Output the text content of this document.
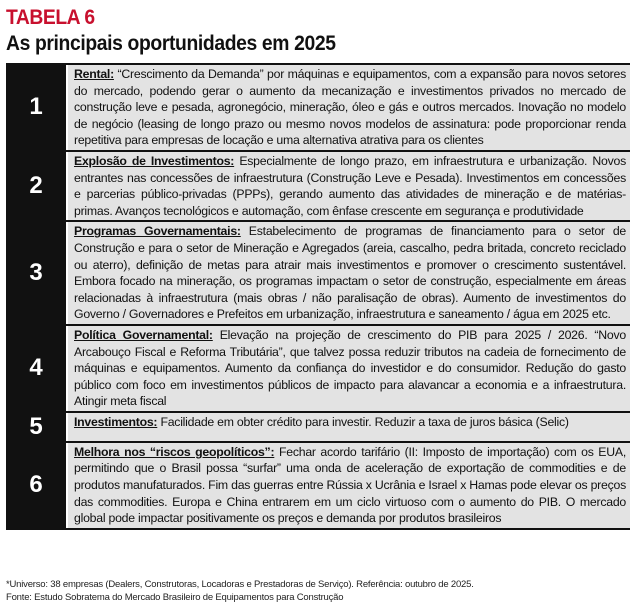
TABELA 6
As principais oportunidades em 2025
1
Rental: “Crescimento da Demanda” por máquinas e equipamentos, com a expansão para novos setores do mercado, podendo gerar o aumento da mecanização e investimentos privados no mercado de construção leve e pesada, agronegócio, mineração, óleo e gás e outros mercados. Inovação no modelo de negócio (leasing de longo prazo ou mesmo novos modelos de assinatura: pode proporcionar renda repetitiva para empresas de locação e uma alternativa atrativa para os clientes
2
Explosão de Investimentos: Especialmente de longo prazo, em infraestrutura e urbanização. Novos entrantes nas concessões de infraestrutura (Construção Leve e Pesada). Investimentos em concessões e parcerias público-privadas (PPPs), gerando aumento das atividades de mineração e de matérias-primas. Avanços tecnológicos e automação, com ênfase crescente em segurança e produtividade
3
Programas Governamentais: Estabelecimento de programas de financiamento para o setor de Construção e para o setor de Mineração e Agregados (areia, cascalho, pedra britada, concreto reciclado ou aterro), definição de metas para atrair mais investimentos e promover o crescimento sustentável. Embora focado na mineração, os programas impactam o setor de construção, especialmente em áreas relacionadas à infraestrutura (mais obras / não paralisação de obras). Aumento de investimentos do Governo / Governadores e Prefeitos em urbanização, infraestrutura e saneamento / água em 2025 etc.
4
Política Governamental: Elevação na projeção de crescimento do PIB para 2025 / 2026. “Novo Arcabouço Fiscal e Reforma Tributária”, que talvez possa reduzir tributos na cadeia de fornecimento de máquinas e equipamentos. Aumento da confiança do investidor e do consumidor. Redução do gasto público com foco em investimentos públicos de impacto para alavancar a economia e a infraestrutura. Atingir meta fiscal
5	Investimentos: Facilidade em obter crédito para investir. Reduzir a taxa de juros básica (Selic)
6
Melhora nos “riscos geopolíticos”: Fechar acordo tarifário (II: Imposto de importação) com os EUA, permitindo que o Brasil possa “surfar” uma onda de aceleração de exportação de commodities e de produtos manufaturados. Fim das guerras entre Rússia x Ucrânia e Israel x Hamas pode elevar os preços das commodities. Europa e China entrarem em um ciclo virtuoso com o aumento do PIB. O mercado global pode impactar positivamente os preços e demanda por produtos brasileiros
*Universo: 38 empresas (Dealers, Construtoras, Locadoras e Prestadoras de Serviço). Referência: outubro de 2025.
Fonte: Estudo Sobratema do Mercado Brasileiro de Equipamentos para Construção
